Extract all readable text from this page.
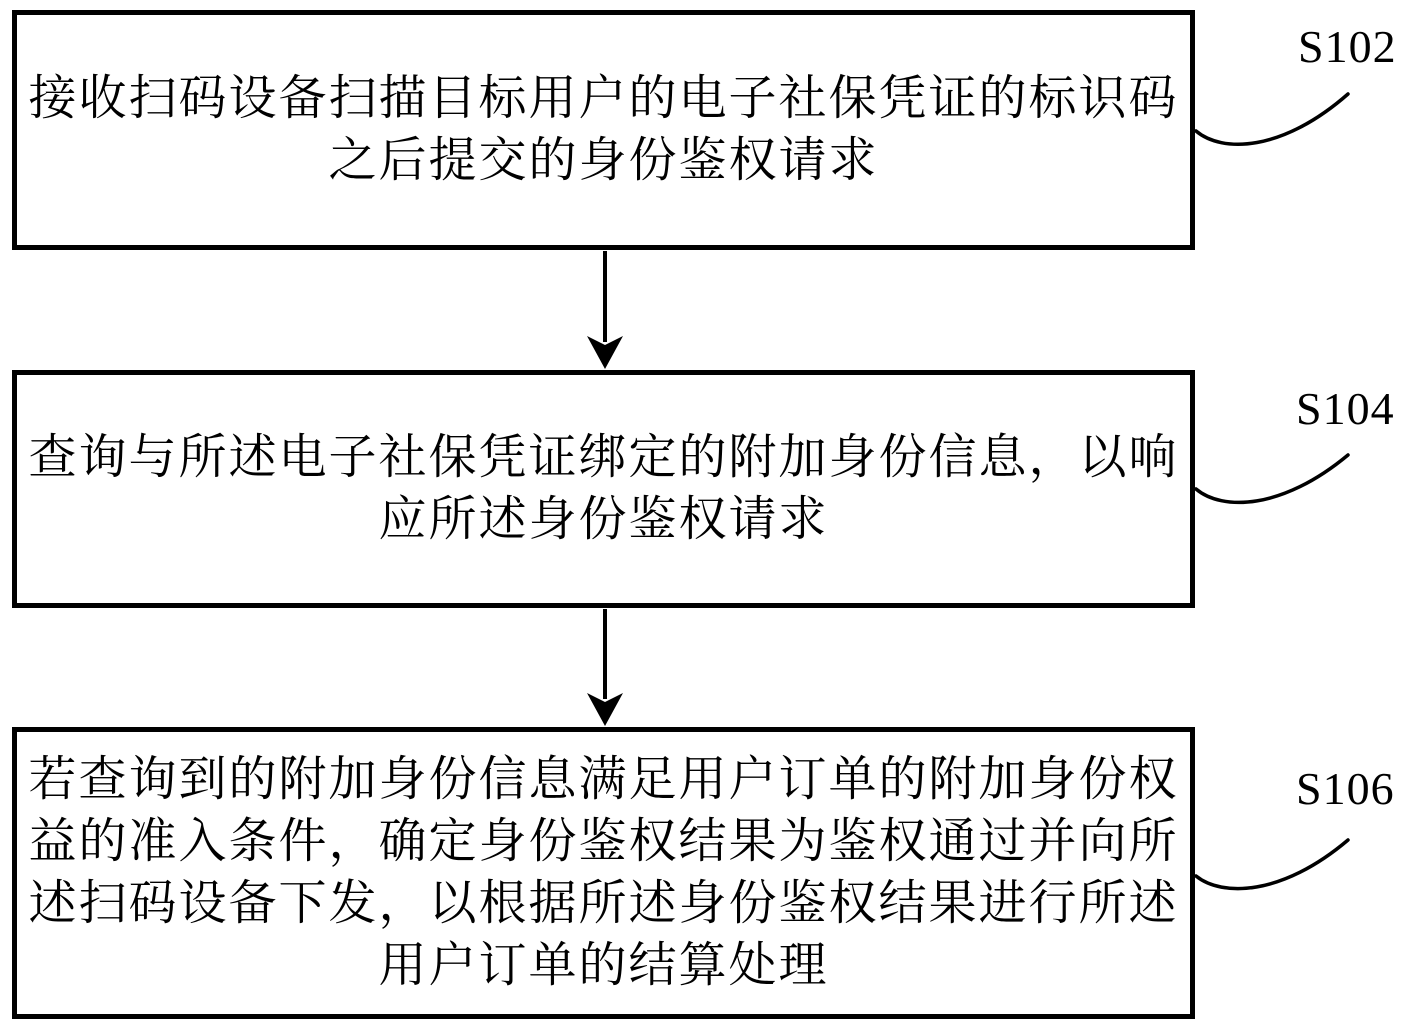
接收扫码设备扫描目标用户的电子社保凭证的标识码
之后提交的身份鉴权请求
查询与所述电子社保凭证绑定的附加身份信息，以响
应所述身份鉴权请求
若查询到的附加身份信息满足用户订单的附加身份权
益的准入条件，确定身份鉴权结果为鉴权通过并向所
述扫码设备下发，以根据所述身份鉴权结果进行所述
用户订单的结算处理
S102
S104
S106
